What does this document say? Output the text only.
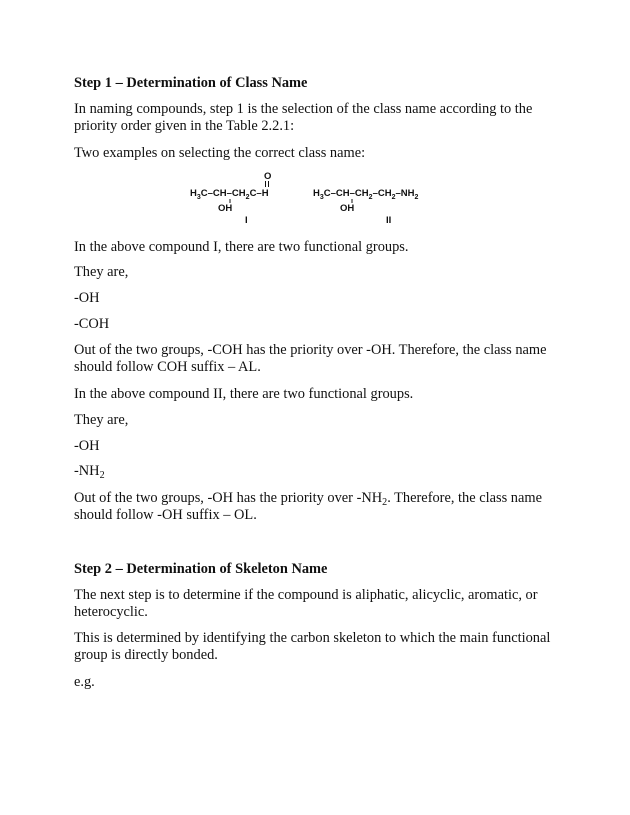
Step 1 – Determination of Class Name

In naming compounds, step 1 is the selection of the class name according to the priority order given in the Table 2.2.1:

Two examples on selecting the correct class name:

O
$H_3C-CH-CH_2C-H$
OH
I
$H_3C-CH-CH_2-CH_2-NH_2$
OH
II

In the above compound I, there are two functional groups.

They are,

-OH

-COH

Out of the two groups, -COH has the priority over -OH. Therefore, the class name should follow COH suffix – AL.

In the above compound II, there are two functional groups.

They are,

-OH

$-NH_2$

Out of the two groups, -OH has the priority over $-NH_2$. Therefore, the class name should follow -OH suffix – OL.

Step 2 – Determination of Skeleton Name

The next step is to determine if the compound is aliphatic, alicyclic, aromatic, or heterocyclic.

This is determined by identifying the carbon skeleton to which the main functional group is directly bonded.

e.g.
